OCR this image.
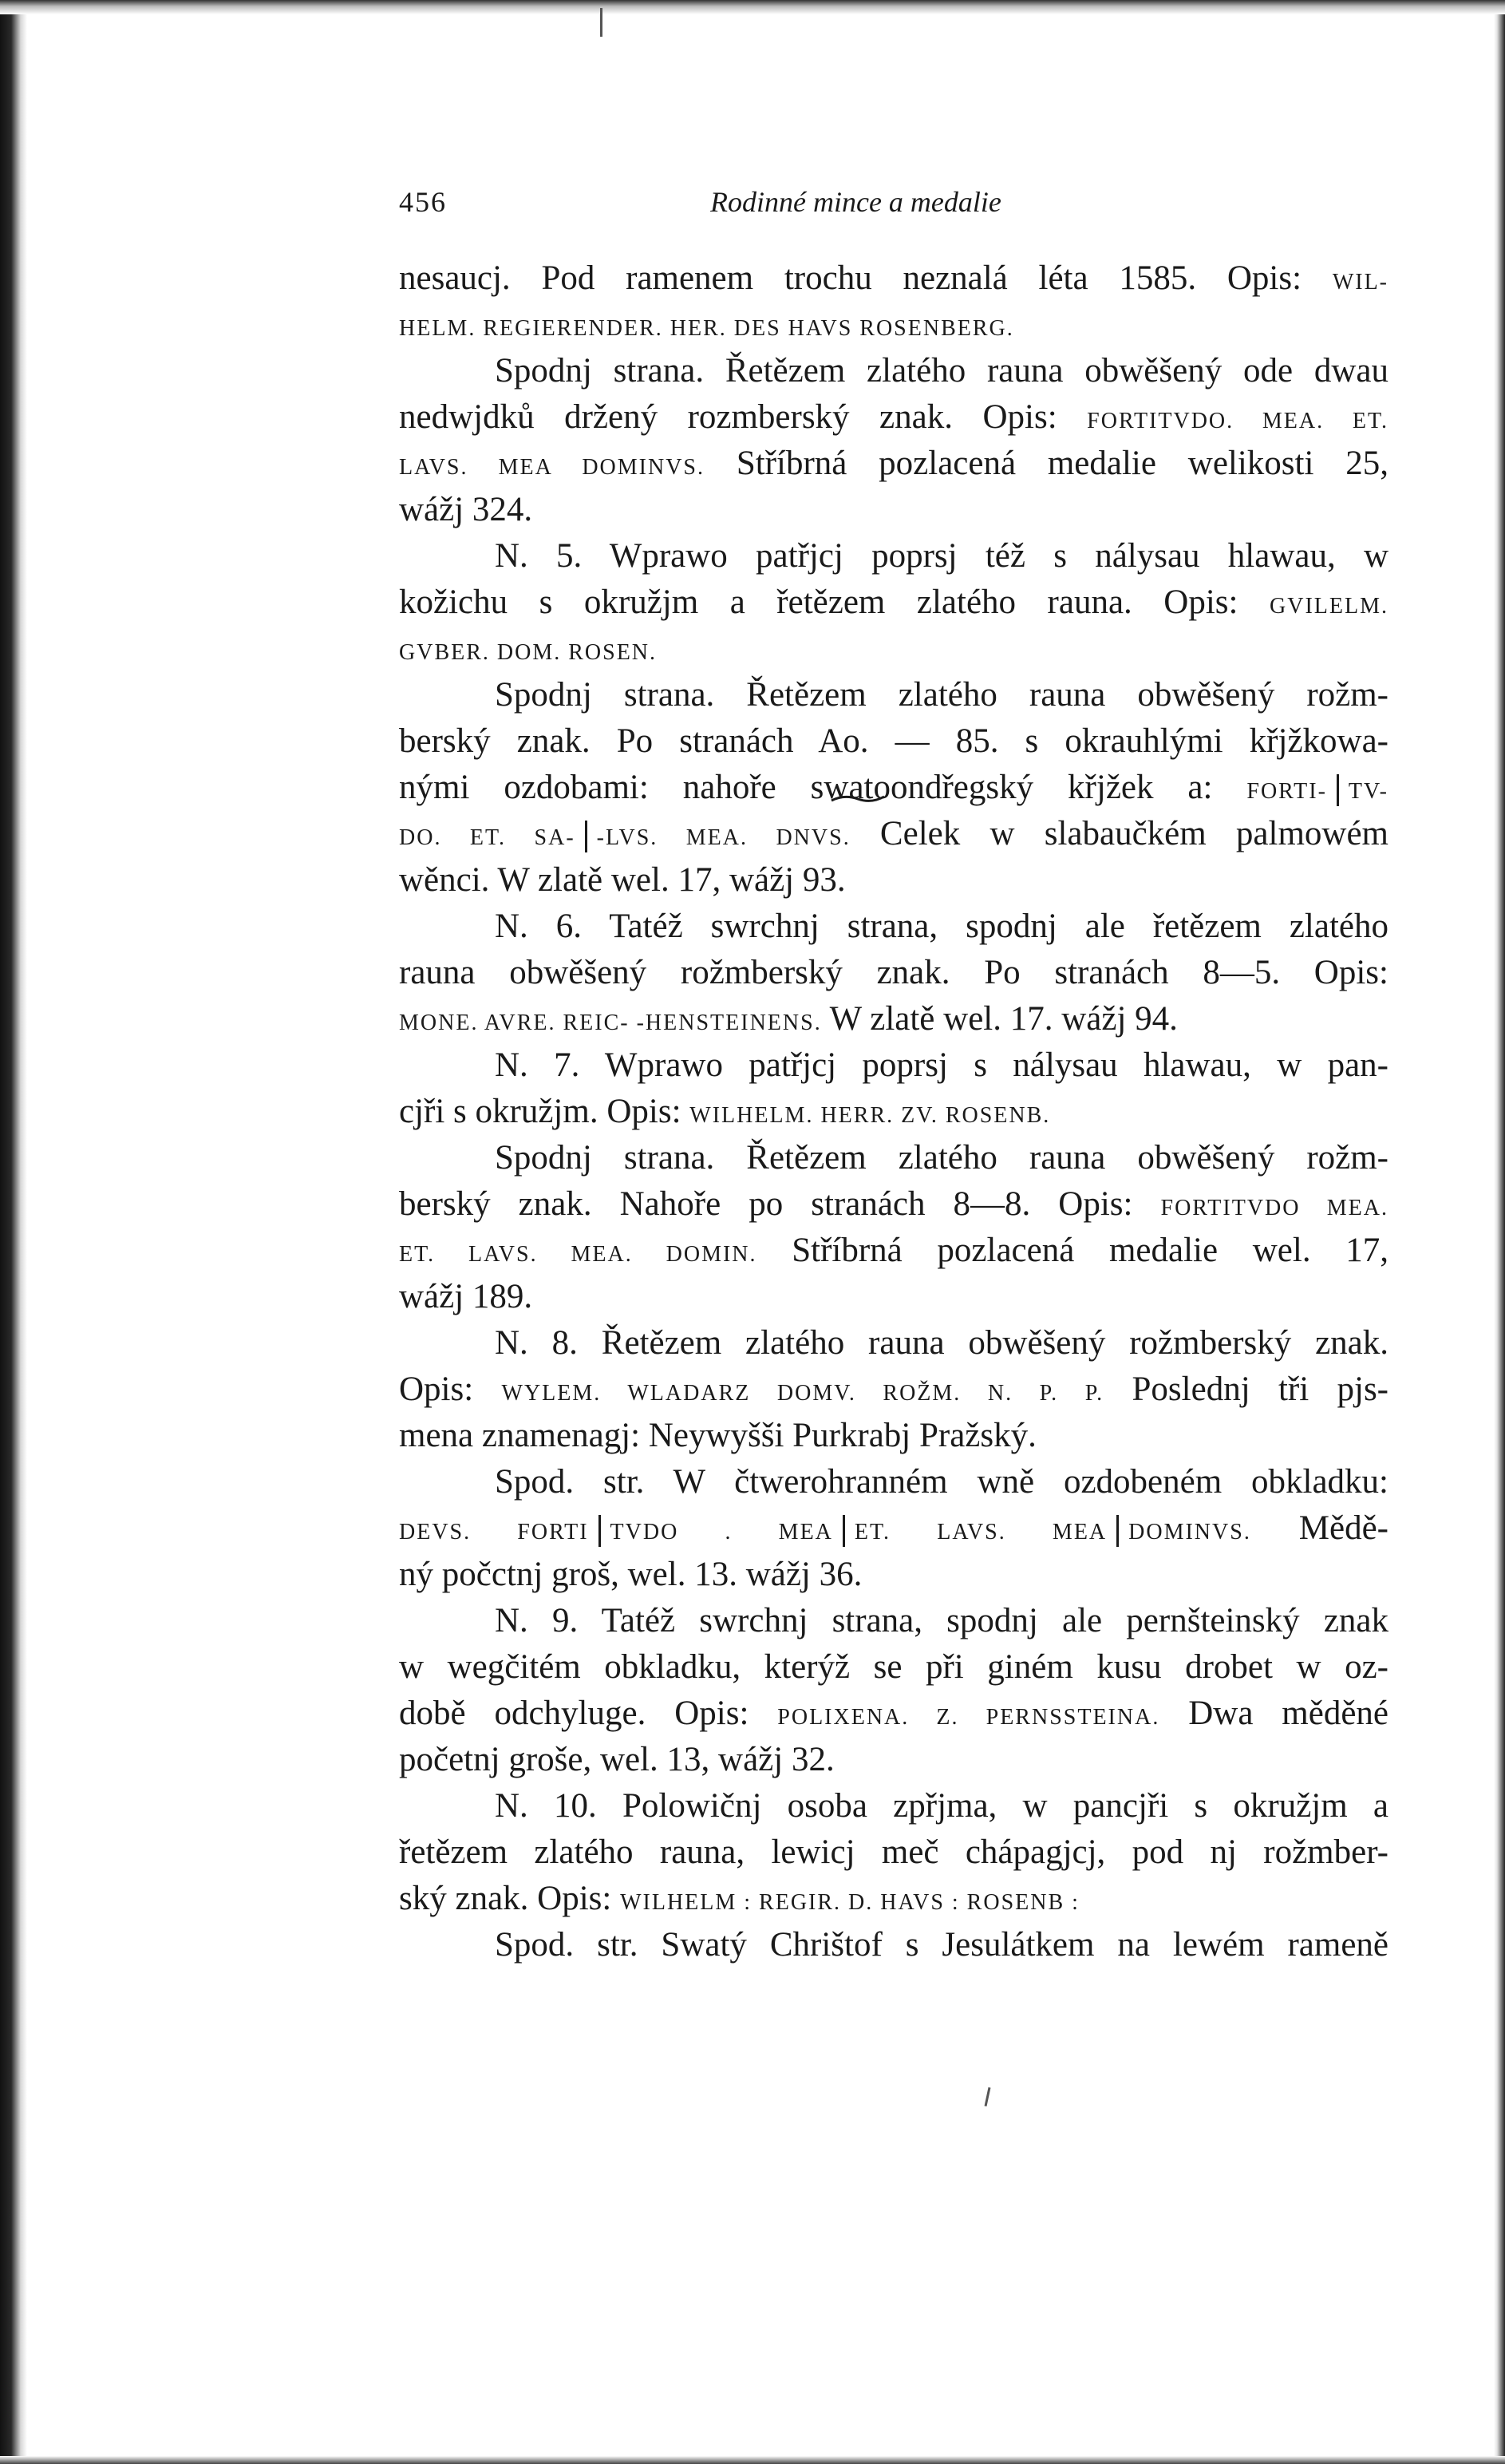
456	Rodinné mince a medalie
nesaucj. Pod ramenem trochu neznalá léta 1585. Opis: WIL-
HELM. REGIERENDER. HER. DES HAVS ROSENBERG.
Spodnj strana. Řetězem zlatého rauna obwěšený ode dwau
nedwjdků držený rozmberský znak. Opis: FORTITVDO. MEA. ET.
LAVS. MEA DOMINVS. Stříbrná pozlacená medalie welikosti 25,
wážj 324.
N. 5. Wprawo patřjcj poprsj též s nálysau hlawau, w
kožichu s okružjm a řetězem zlatého rauna. Opis: GVILELM.
GVBER. DOM. ROSEN.
Spodnj strana. Řetězem zlatého rauna obwěšený rožm-
berský znak. Po stranách Ao. — 85. s okrauhlými křjžkowa-
nými ozdobami: nahoře swatoondřegský křjžek a: FORTI- TV-
DO. ET. SA- -LVS. MEA. DNVS. Celek w slabaučkém palmowém
wěnci. W zlatě wel. 17, wážj 93.
N. 6. Tatéž swrchnj strana, spodnj ale řetězem zlatého
rauna obwěšený rožmberský znak. Po stranách 8—5. Opis:
MONE. AVRE. REIC- -HENSTEINENS. W zlatě wel. 17. wážj 94.
N. 7. Wprawo patřjcj poprsj s nálysau hlawau, w pan-
cjři s okružjm. Opis: WILHELM. HERR. ZV. ROSENB.
Spodnj strana. Řetězem zlatého rauna obwěšený rožm-
berský znak. Nahoře po stranách 8—8. Opis: FORTITVDO MEA.
ET. LAVS. MEA. DOMIN. Stříbrná pozlacená medalie wel. 17,
wážj 189.
N. 8. Řetězem zlatého rauna obwěšený rožmberský znak.
Opis: WYLEM. WLADARZ DOMV. ROŽM. N. P. P. Poslednj tři pjs-
mena znamenagj: Neywyšši Purkrabj Pražský.
Spod. str. W čtwerohranném wně ozdobeném obkladku:
DEVS. FORTI TVDO . MEA ET. LAVS. MEA DOMINVS. Mědě-
ný počctnj groš, wel. 13. wážj 36.
N. 9. Tatéž swrchnj strana, spodnj ale pernšteinský znak
w wegčitém obkladku, kterýž se při giném kusu drobet w oz-
době odchyluge. Opis: POLIXENA. Z. PERNSSTEINA. Dwa měděné
početnj groše, wel. 13, wážj 32.
N. 10. Polowičnj osoba zpřjma, w pancjři s okružjm a
řetězem zlatého rauna, lewicj meč chápagjcj, pod nj rožmber-
ský znak. Opis: WILHELM : REGIR. D. HAVS : ROSENB :
Spod. str. Swatý Chrištof s Jesulátkem na lewém rameně
